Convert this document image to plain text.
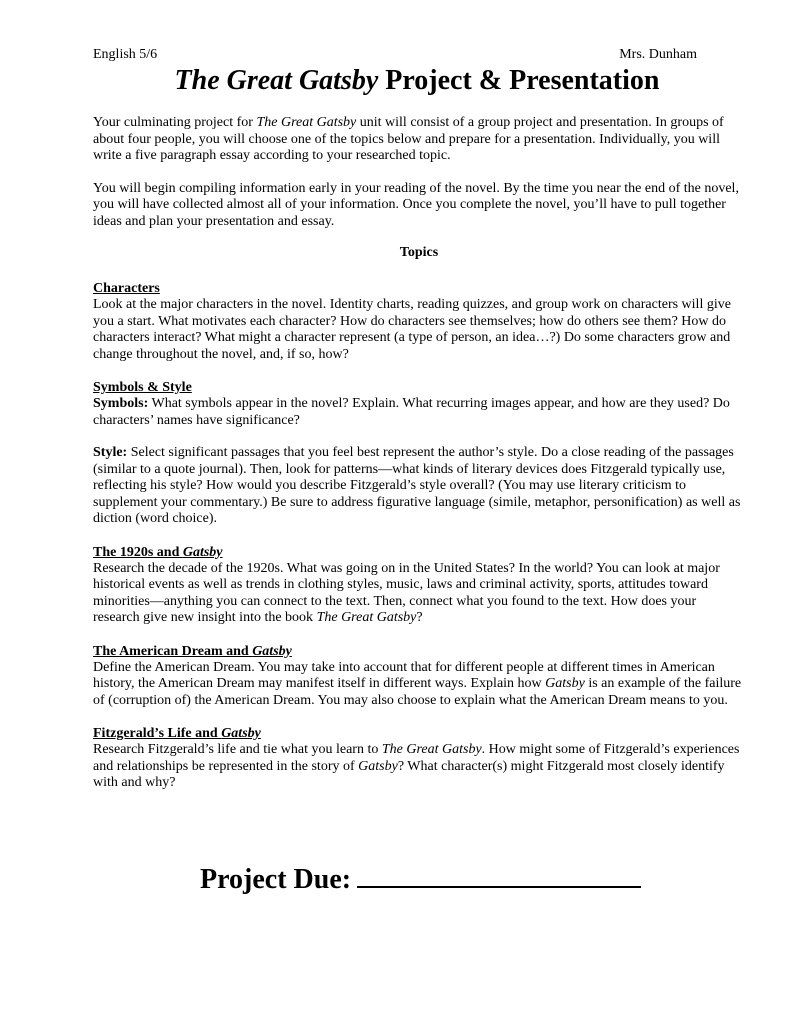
English 5/6	Mrs. Dunham
The Great Gatsby Project & Presentation

Your culminating project for The Great Gatsby unit will consist of a group project and presentation. In groups of about four people, you will choose one of the topics below and prepare for a presentation. Individually, you will write a five paragraph essay according to your researched topic.

You will begin compiling information early in your reading of the novel. By the time you near the end of the novel, you will have collected almost all of your information. Once you complete the novel, you’ll have to pull together ideas and plan your presentation and essay.

Topics
Characters

Look at the major characters in the novel. Identity charts, reading quizzes, and group work on characters will give you a start. What motivates each character? How do characters see themselves; how do others see them? How do characters interact? What might a character represent (a type of person, an idea…?) Do some characters grow and change throughout the novel, and, if so, how?

Symbols & Style

Symbols: What symbols appear in the novel? Explain. What recurring images appear, and how are they used? Do characters’ names have significance?

Style: Select significant passages that you feel best represent the author’s style. Do a close reading of the passages (similar to a quote journal). Then, look for patterns—what kinds of literary devices does Fitzgerald typically use, reflecting his style? How would you describe Fitzgerald’s style overall? (You may use literary criticism to supplement your commentary.) Be sure to address figurative language (simile, metaphor, personification) as well as diction (word choice).

The 1920s and Gatsby

Research the decade of the 1920s. What was going on in the United States? In the world? You can look at major historical events as well as trends in clothing styles, music, laws and criminal activity, sports, attitudes toward minorities—anything you can connect to the text. Then, connect what you found to the text. How does your research give new insight into the book The Great Gatsby?

The American Dream and Gatsby

Define the American Dream. You may take into account that for different people at different times in American history, the American Dream may manifest itself in different ways. Explain how Gatsby is an example of the failure of (corruption of) the American Dream. You may also choose to explain what the American Dream means to you.

Fitzgerald’s Life and Gatsby

Research Fitzgerald’s life and tie what you learn to The Great Gatsby. How might some of Fitzgerald’s experiences and relationships be represented in the story of Gatsby? What character(s) might Fitzgerald most closely identify with and why?

Project Due:
